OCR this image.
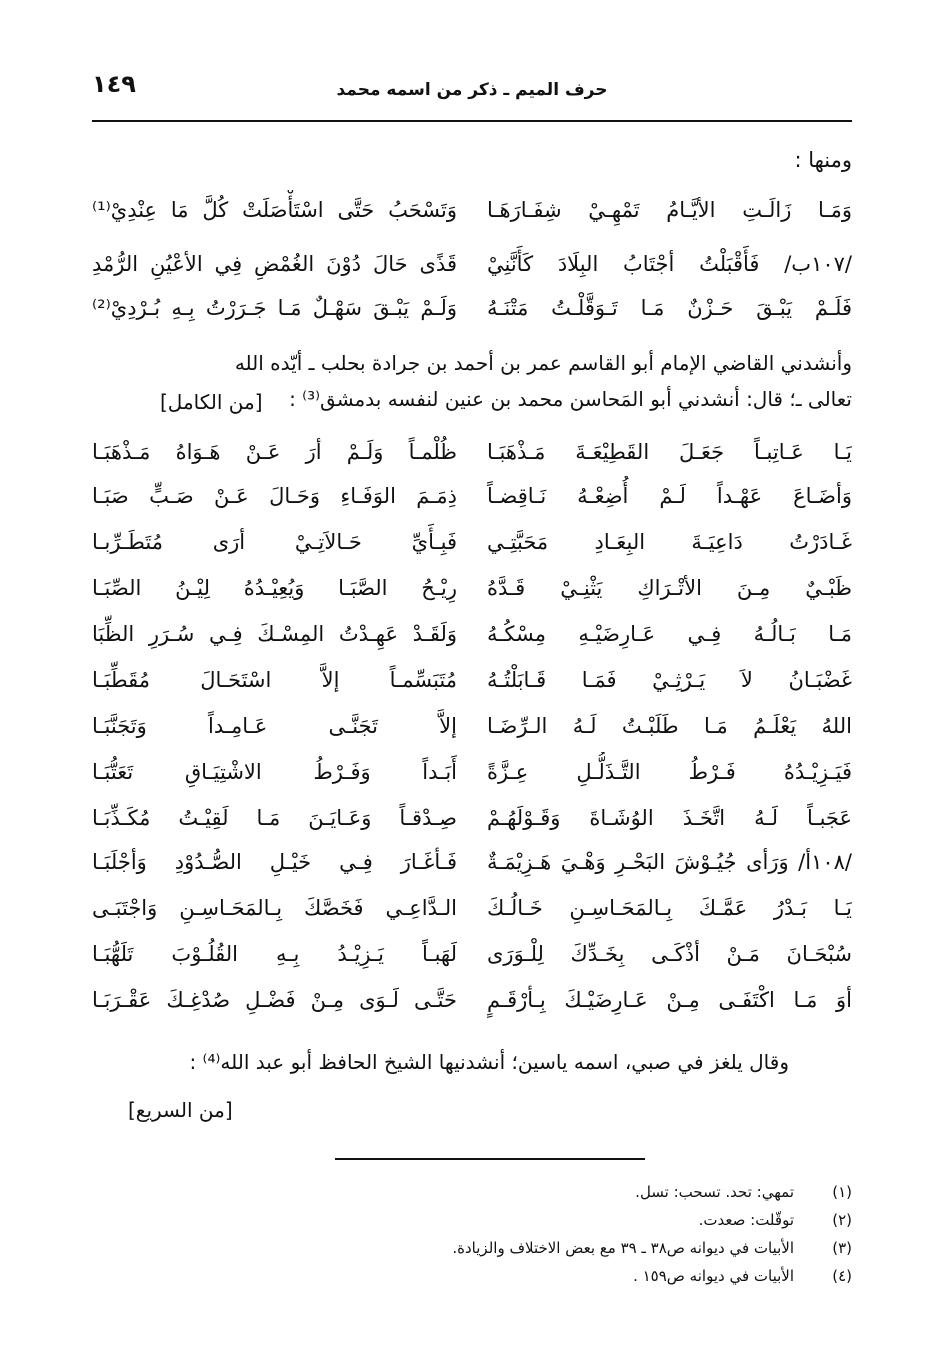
١٤٩	حرف الميم ـ ذكر من اسمه محمد
ومنها :
وَمَـا زَالَـتِ الأيَّـامُ تَمْهِـيْ شِفَـارَهَـا
وَتَسْحَبُ حَتَّى اسْتَأْصَلَتْ كُلَّ مَا عِنْدِيْ⁽¹⁾
/١٠٧ب/ فَأَقْبَلْتُ أجْتَابُ البِلَادَ كَأَنَّنِيْ
قَذًى حَالَ دُوْنَ الغُمْضِ فِي الأعْيُنِ الرُّمْدِ
فَلَـمْ يَبْـقَ حَـزْنٌ مَـا تَـوَقَّلْـتُ مَتْنَـهُ
وَلَـمْ يَبْـقَ سَهْـلٌ مَـا جَـرَرْتُ بِـهِ بُـرْدِيْ⁽²⁾
وأنشدني القاضي الإمام أبو القاسم عمر بن أحمد بن جرادة بحلب ـ أيّده الله
تعالى ـ؛ قال: أنشدني أبو المَحاسن محمد بن عنين لنفسه بدمشق⁽³⁾ :
[من الكامل]
يَـا عَـاتِبـاً جَعَـلَ القَطِيْعَـةَ مَـذْهَبَـا
ظُلْمـاً وَلَـمْ أرَ عَـنْ هَـوَاهُ مَـذْهَبَـا
وَأضَـاعَ عَهْـداً لَـمْ أُضِعْـهُ نَـاقِضـاً
ذِمَـمَ الوَفَـاءِ وَحَـالَ عَـنْ صَـبٍّ صَبَـا
غَـادَرْتُ دَاعِيَـةَ البِعَـادِ مَحَبَّتِـي
فَبِـأَيِّ حَـالاَتِـيْ أرَى مُتَطَـرِّبـا
ظَبْـيٌ مِـنَ الأتْـرَاكِ يَثْنِـيْ قَـدَّهُ
رِيْـحُ الصَّبَـا وَيُعِيْـدُهُ لِيْـنُ الصِّبَـا
مَـا بَـالُـهُ فِـي عَـارِضَيْـهِ مِسْكُـهُ
وَلَقَـدْ عَهِـدْتُ المِسْـكَ فِـي سُـرَرِ الظِّبَا
غَضْبَـانُ لاَ يَـرْثِـيْ فَمَـا قَـابَلْتُـهُ
مُتَبَسِّمـاً إلاَّ اسْتَحَـالَ مُقَطِّبَـا
اللهُ يَعْلَـمُ مَـا طَلَبْـتُ لَـهُ الـرِّضَـا
إلاَّ تَجَنَّـى عَـامِـداً وَتَجَنَّبَـا
فَيَـزِيْـدُهُ فَـرْطُ التَّـذَلُّـلِ عِـزَّةً
أَبَـداً وَفَـرْطُ الاشْتِيَـاقِ تَعَتُّبَـا
عَجَبـاً لَـهُ اتَّخَـذَ الوُشَـاةَ وَقَـوْلَهُـمْ
صِـدْقـاً وَعَـايَـنَ مَـا لَقِيْـتُ مُكَـذِّبَـا
/١٠٨أ/ وَرَأى جُيُـوْشَ البَحْـرِ وَهْـيَ هَـزِيْمَـةٌ
فَـأغَـارَ فِـي خَيْـلِ الصُّـدُوْدِ وَأجْلَبَـا
يَـا بَـدْرُ عَمَّـكَ بِـالمَحَـاسِـنِ خَـالُـكَ
الـدَّاعِـي فَخَصَّكَ بِـالمَحَـاسِـنِ وَاجْتَبَـى
سُبْحَـانَ مَـنْ أذْكَـى بِخَـدِّكَ لِلْـوَرَى
لَهَبـاً يَـزِيْـدُ بِـهِ القُلُـوْبَ تَلَهُّبَـا
أوَ مَـا اكْتَفَـى مِـنْ عَـارِضَيْـكَ بِـأرْقَـمٍ
حَتَّـى لَـوَى مِـنْ فَضْـلِ صُدْغِـكَ عَقْـرَبَـا
وقال يلغز في صبي، اسمه ياسين؛ أنشدنيها الشيخ الحافظ أبو عبد الله⁽⁴⁾ :
[من السريع]
(١)
تمهي: تحد. تسحب: تسل.
(٢)
توقّلت: صعدت.
(٣)
الأبيات في ديوانه ص٣٨ ـ ٣٩ مع بعض الاختلاف والزيادة.
(٤)
الأبيات في ديوانه ص١٥٩ .
